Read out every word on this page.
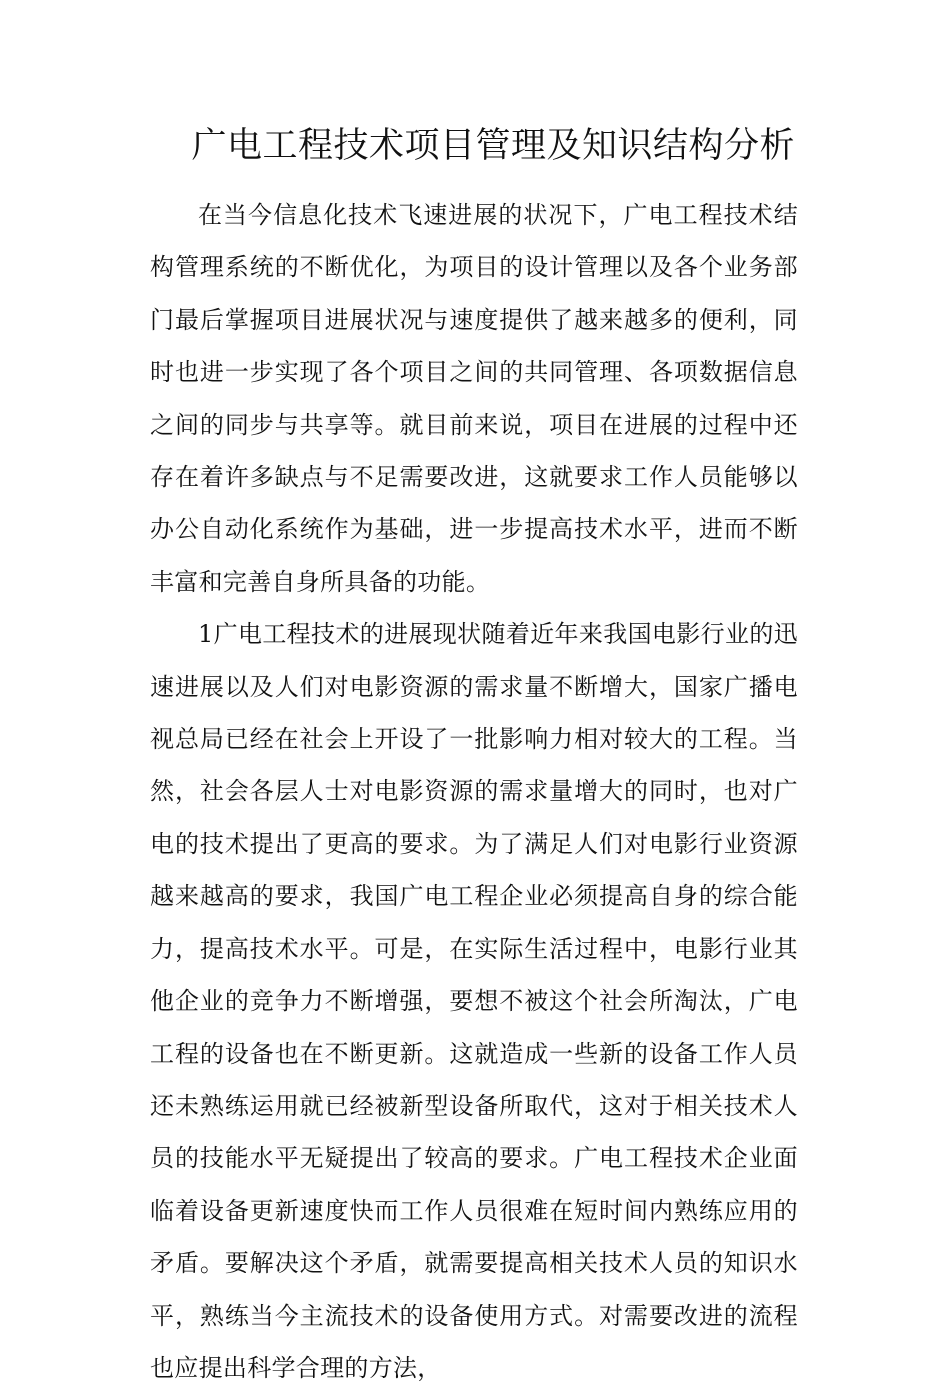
广电工程技术项目管理及知识结构分析

在当今信息化技术飞速进展的状况下，广电工程技术结构管理系统的不断优化，为项目的设计管理以及各个业务部门最后掌握项目进展状况与速度提供了越来越多的便利，同时也进一步实现了各个项目之间的共同管理、各项数据信息之间的同步与共享等。就目前来说，项目在进展的过程中还存在着许多缺点与不足需要改进，这就要求工作人员能够以办公自动化系统作为基础，进一步提高技术水平，进而不断丰富和完善自身所具备的功能。

1广电工程技术的进展现状随着近年来我国电影行业的迅速进展以及人们对电影资源的需求量不断增大，国家广播电视总局已经在社会上开设了一批影响力相对较大的工程。当然，社会各层人士对电影资源的需求量增大的同时，也对广电的技术提出了更高的要求。为了满足人们对电影行业资源越来越高的要求，我国广电工程企业必须提高自身的综合能力，提高技术水平。可是，在实际生活过程中，电影行业其他企业的竞争力不断增强，要想不被这个社会所淘汰，广电工程的设备也在不断更新。这就造成一些新的设备工作人员还未熟练运用就已经被新型设备所取代，这对于相关技术人员的技能水平无疑提出了较高的要求。广电工程技术企业面临着设备更新速度快而工作人员很难在短时间内熟练应用的矛盾。要解决这个矛盾，就需要提高相关技术人员的知识水平，熟练当今主流技术的设备使用方式。对需要改进的流程也应提出科学合理的方法，
